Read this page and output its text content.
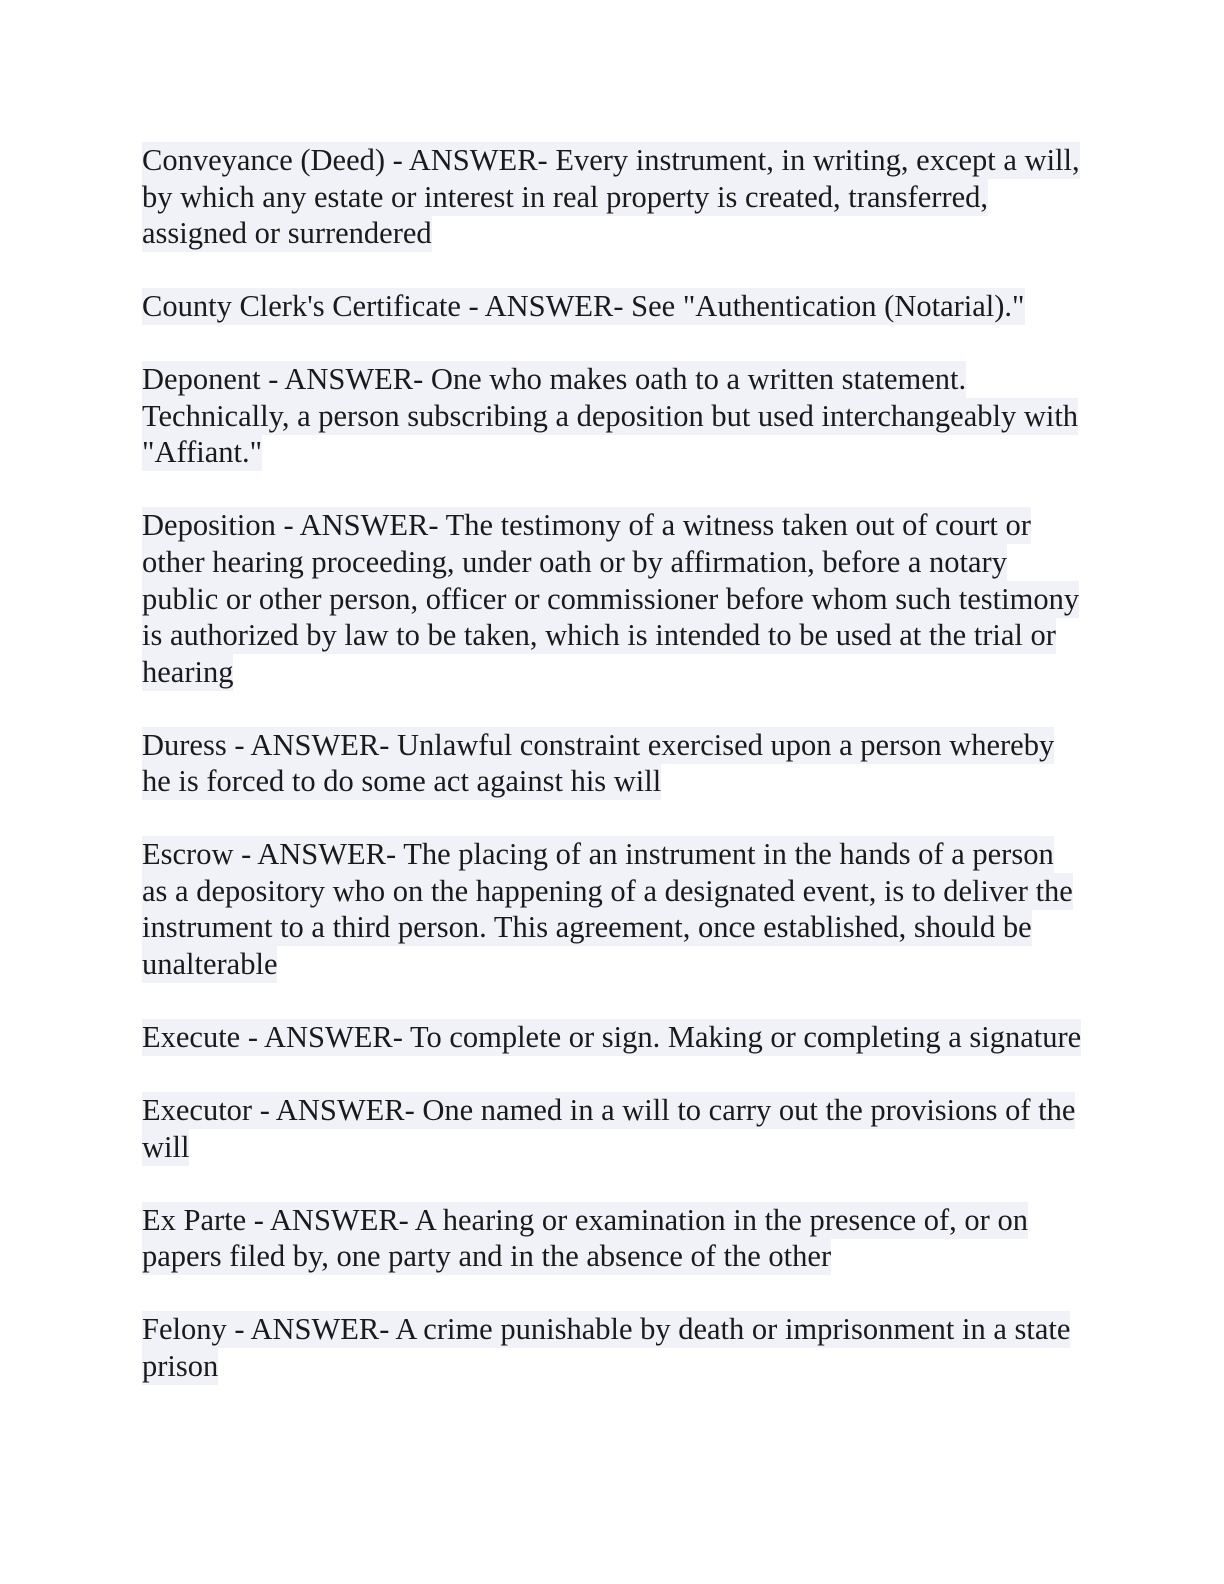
Conveyance (Deed) - ANSWER- Every instrument, in writing, except a will, by which any estate or interest in real property is created, transferred, assigned or surrendered

County Clerk's Certificate - ANSWER- See "Authentication (Notarial)."

Deponent - ANSWER- One who makes oath to a written statement. Technically, a person subscribing a deposition but used interchangeably with "Affiant."

Deposition - ANSWER- The testimony of a witness taken out of court or other hearing proceeding, under oath or by affirmation, before a notary public or other person, officer or commissioner before whom such testimony is authorized by law to be taken, which is intended to be used at the trial or hearing

Duress - ANSWER- Unlawful constraint exercised upon a person whereby he is forced to do some act against his will

Escrow - ANSWER- The placing of an instrument in the hands of a person as a depository who on the happening of a designated event, is to deliver the instrument to a third person. This agreement, once established, should be unalterable

Execute - ANSWER- To complete or sign. Making or completing a signature

Executor - ANSWER- One named in a will to carry out the provisions of the will

Ex Parte - ANSWER- A hearing or examination in the presence of, or on papers filed by, one party and in the absence of the other

Felony - ANSWER- A crime punishable by death or imprisonment in a state prison
